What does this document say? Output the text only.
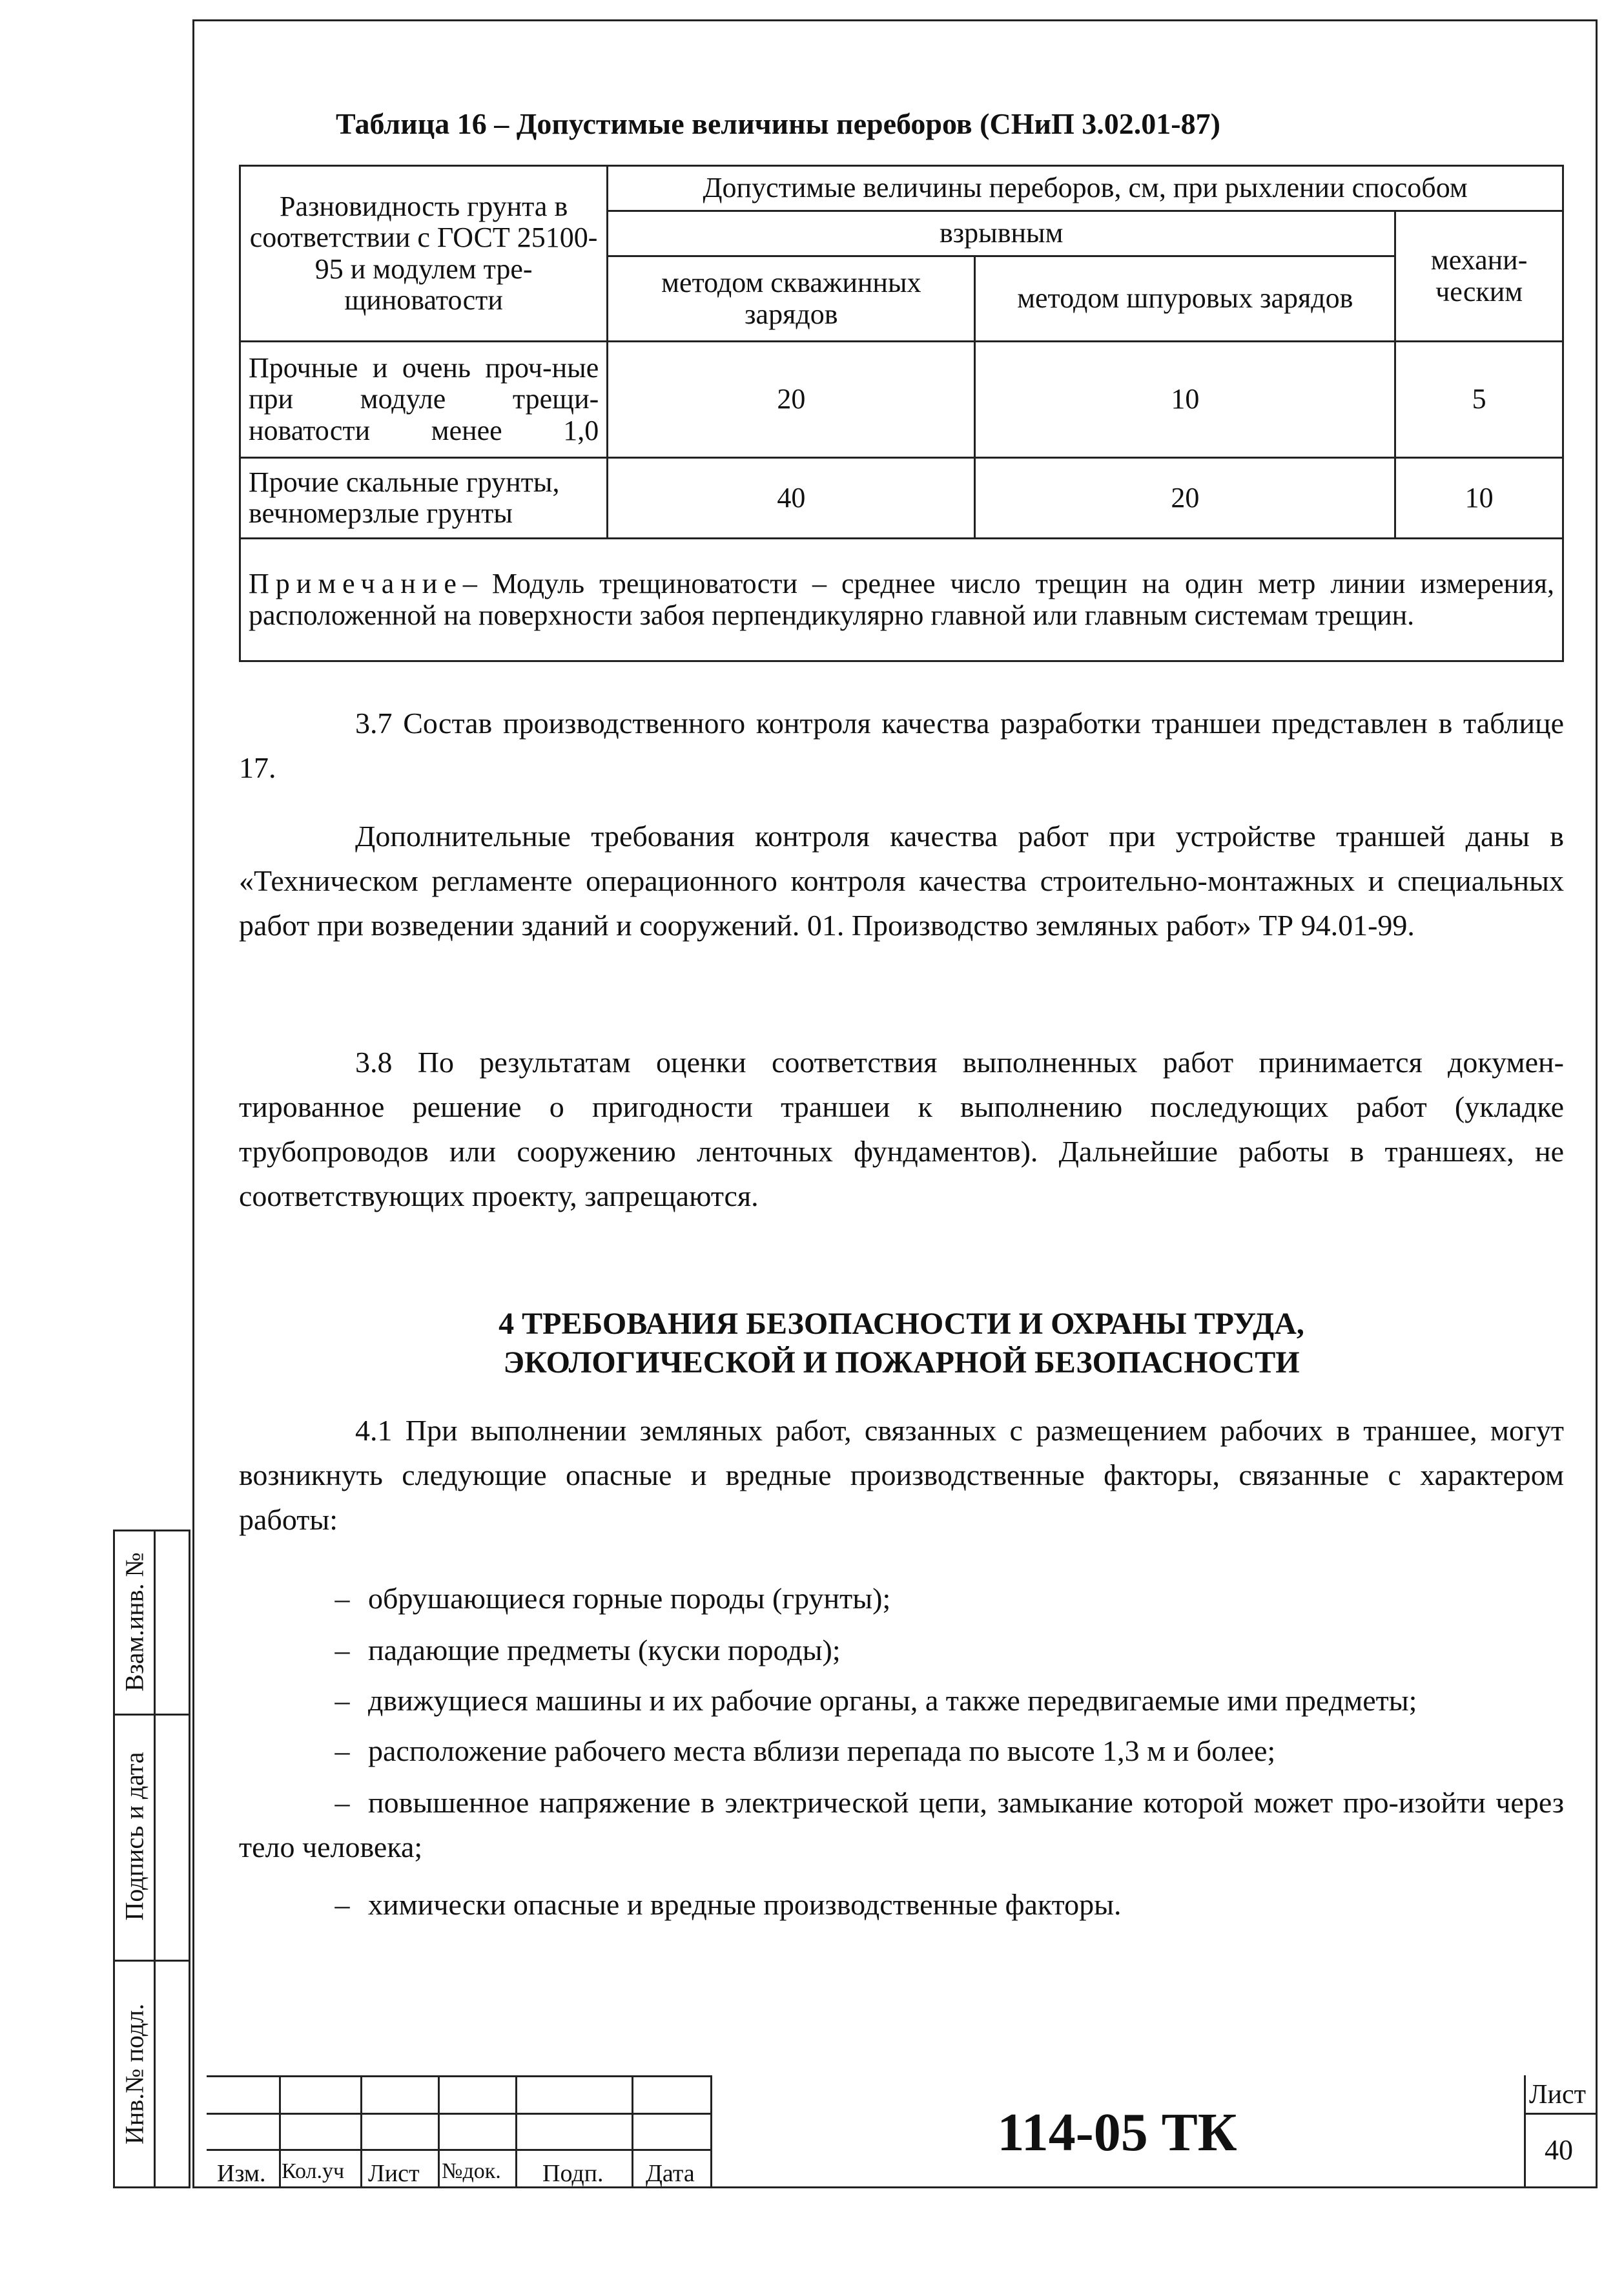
Таблица 16 – Допустимые величины переборов (СНиП 3.02.01-87)
Разновидность грунта в соответствии с ГОСТ 25100-95 и модулем тре-щиноватости	Допустимые величины переборов, см, при рыхлении способом		
	взрывным		механи-ческим
	методом скважинных зарядов	методом шпуровых зарядов	
Прочные и очень проч-ные при модуле трещи-новатости менее 1,0	20	10	5
Прочие скальные грунты, вечномерзлые грунты	40	20	10
Примечание– Модуль трещиноватости – среднее число трещин на один метр линии измерения, расположенной на поверхности забоя перпендикулярно главной или главным системам трещин.			
3.7 Состав производственного контроля качества разработки траншеи представлен в таблице 17.
Дополнительные требования контроля качества работ при устройстве траншей даны в «Техническом регламенте операционного контроля качества строительно-монтажных и специальных работ при возведении зданий и сооружений. 01. Производство земляных работ» ТР 94.01-99.
3.8 По результатам оценки соответствия выполненных работ принимается докумен-тированное решение о пригодности траншеи к выполнению последующих работ (укладке трубопроводов или сооружению ленточных фундаментов). Дальнейшие работы в траншеях, не соответствующих проекту, запрещаются.
4 ТРЕБОВАНИЯ БЕЗОПАСНОСТИ И ОХРАНЫ ТРУДА,
ЭКОЛОГИЧЕСКОЙ И ПОЖАРНОЙ БЕЗОПАСНОСТИ
4.1 При выполнении земляных работ, связанных с размещением рабочих в траншее, могут возникнуть следующие опасные и вредные производственные факторы, связанные с характером работы:
– обрушающиеся горные породы (грунты);
– падающие предметы (куски породы);
– движущиеся машины и их рабочие органы, а также передвигаемые ими предметы;
– расположение рабочего места вблизи перепада по высоте 1,3 м и более;
– повышенное напряжение в электрической цепи, замыкание которой может про-изойти через тело человека;
– химически опасные и вредные производственные факторы.
Взам.инв. №
Подпись и дата
Инв.№ подл.
Изм. Кол.уч Лист №док. Подп. Дата
114-05 ТК
Лист
40
